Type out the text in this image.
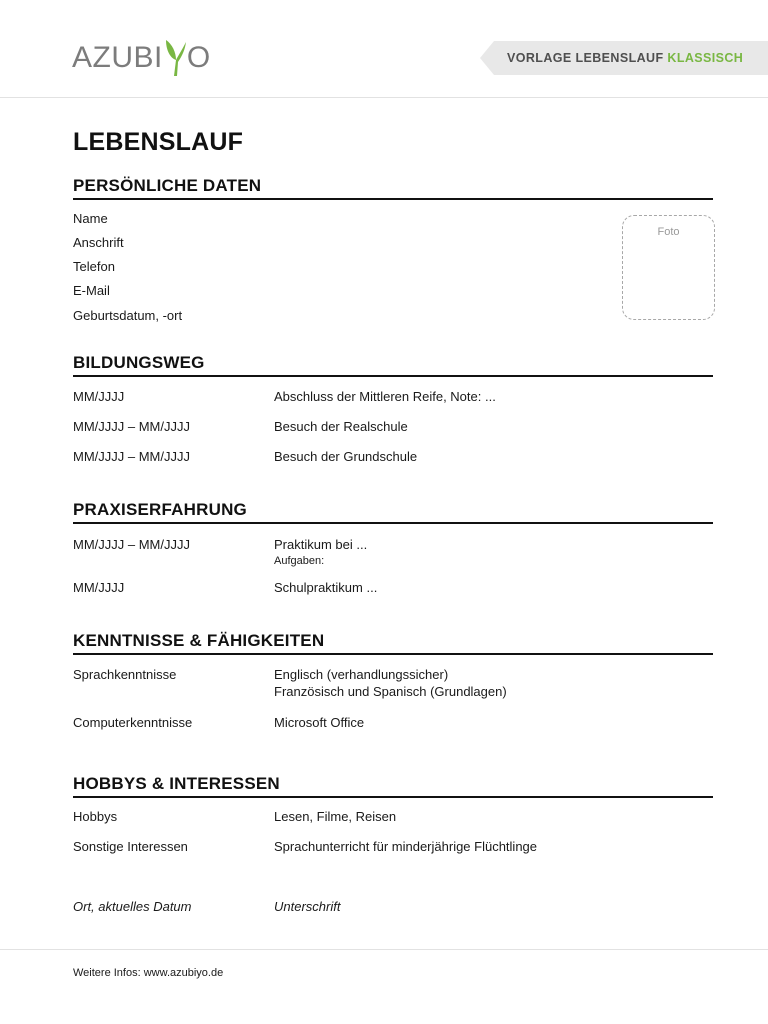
AZUBI O	VORLAGE LEBENSLAUF KLASSISCH
LEBENSLAUF
PERSÖNLICHE DATEN
Name
Anschrift
Telefon
E-Mail
Geburtsdatum, -ort
Foto
BILDUNGSWEG
MM/JJJJ	Abschluss der Mittleren Reife, Note: ...
MM/JJJJ – MM/JJJJ	Besuch der Realschule
MM/JJJJ – MM/JJJJ	Besuch der Grundschule
PRAXISERFAHRUNG
MM/JJJJ – MM/JJJJ	Praktikum bei ...
Aufgaben:
MM/JJJJ	Schulpraktikum ...
KENNTNISSE & FÄHIGKEITEN
Sprachkenntnisse	Englisch (verhandlungssicher)
Französisch und Spanisch (Grundlagen)
Computerkenntnisse	Microsoft Office
HOBBYS & INTERESSEN
Hobbys	Lesen, Filme, Reisen
Sonstige Interessen	Sprachunterricht für minderjährige Flüchtlinge
Ort, aktuelles Datum	Unterschrift
Weitere Infos: www.azubiyo.de
